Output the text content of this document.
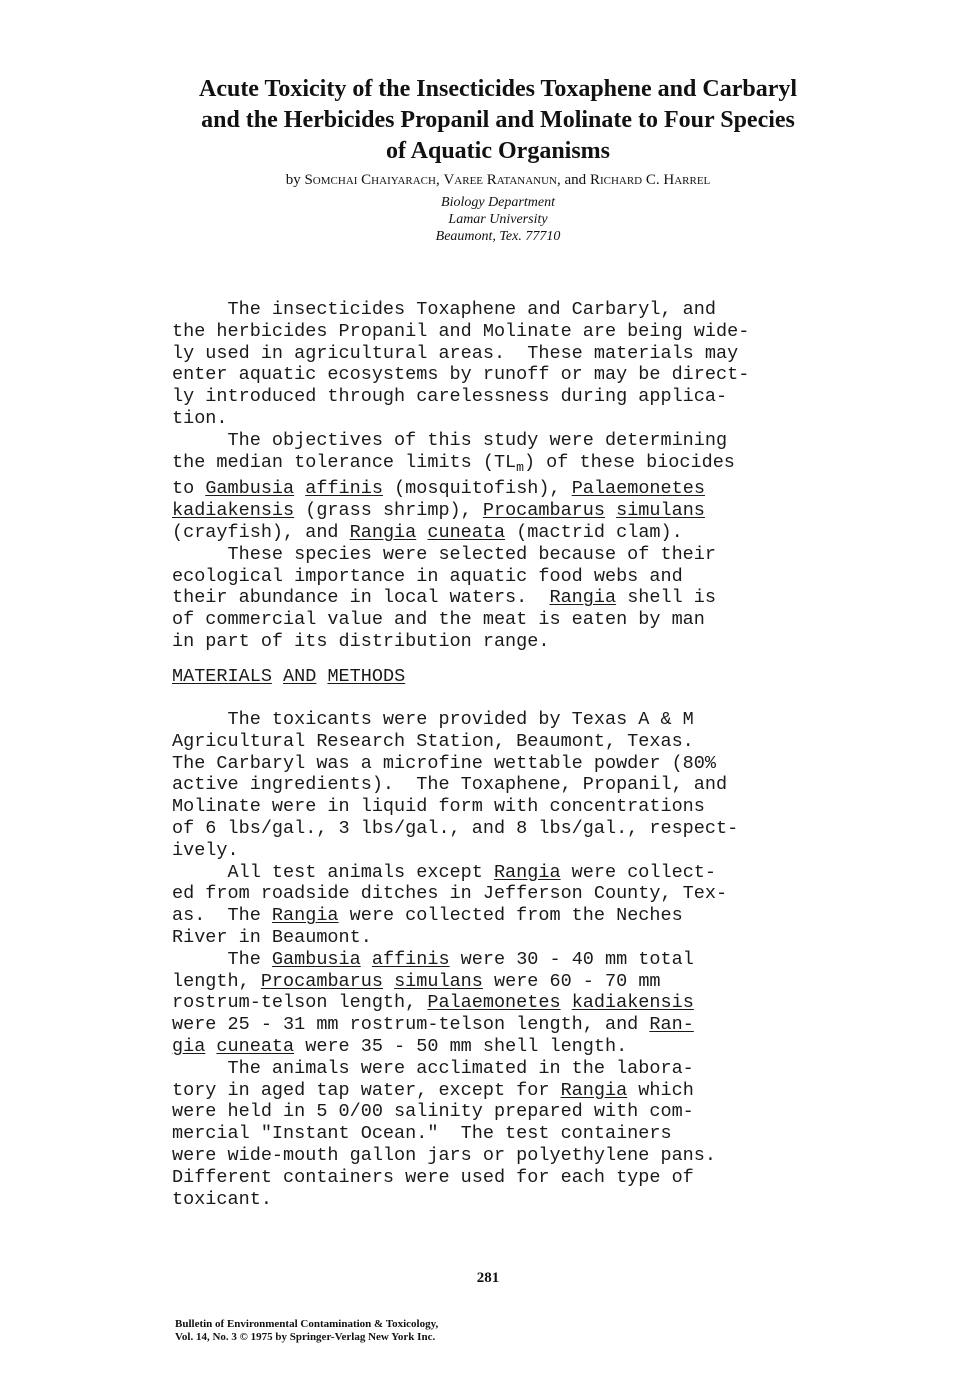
Acute Toxicity of the Insecticides Toxaphene and Carbaryl
and the Herbicides Propanil and Molinate to Four Species
of Aquatic Organisms
by Somchai Chaiyarach, Varee Ratananun, and Richard C. Harrel
Biology Department
Lamar University
Beaumont, Tex. 77710
The insecticides Toxaphene and Carbaryl, and
the herbicides Propanil and Molinate are being wide-
ly used in agricultural areas.  These materials may
enter aquatic ecosystems by runoff or may be direct-
ly introduced through carelessness during applica-
tion.
The objectives of this study were determining
the median tolerance limits $(TL_m)$ of these biocides
to Gambusia affinis (mosquitofish), Palaemonetes
kadiakensis (grass shrimp), Procambarus simulans
(crayfish), and Rangia cuneata (mactrid clam).
These species were selected because of their
ecological importance in aquatic food webs and
their abundance in local waters.  Rangia shell is
of commercial value and the meat is eaten by man
in part of its distribution range.
MATERIALS AND METHODS
The toxicants were provided by Texas A & M
Agricultural Research Station, Beaumont, Texas.
The Carbaryl was a microfine wettable powder (80%
active ingredients).  The Toxaphene, Propanil, and
Molinate were in liquid form with concentrations
of 6 lbs/gal., 3 lbs/gal., and 8 lbs/gal., respect-
ively.
All test animals except Rangia were collect-
ed from roadside ditches in Jefferson County, Tex-
as.  The Rangia were collected from the Neches
River in Beaumont.
The Gambusia affinis were 30 - 40 mm total
length, Procambarus simulans were 60 - 70 mm
rostrum-telson length, Palaemonetes kadiakensis
were 25 - 31 mm rostrum-telson length, and Ran-
gia cuneata were 35 - 50 mm shell length.
The animals were acclimated in the labora-
tory in aged tap water, except for Rangia which
were held in 5 0/00 salinity prepared with com-
mercial "Instant Ocean."  The test containers
were wide-mouth gallon jars or polyethylene pans.
Different containers were used for each type of
toxicant.
281
Bulletin of Environmental Contamination & Toxicology,
Vol. 14, No. 3 © 1975 by Springer-Verlag New York Inc.
